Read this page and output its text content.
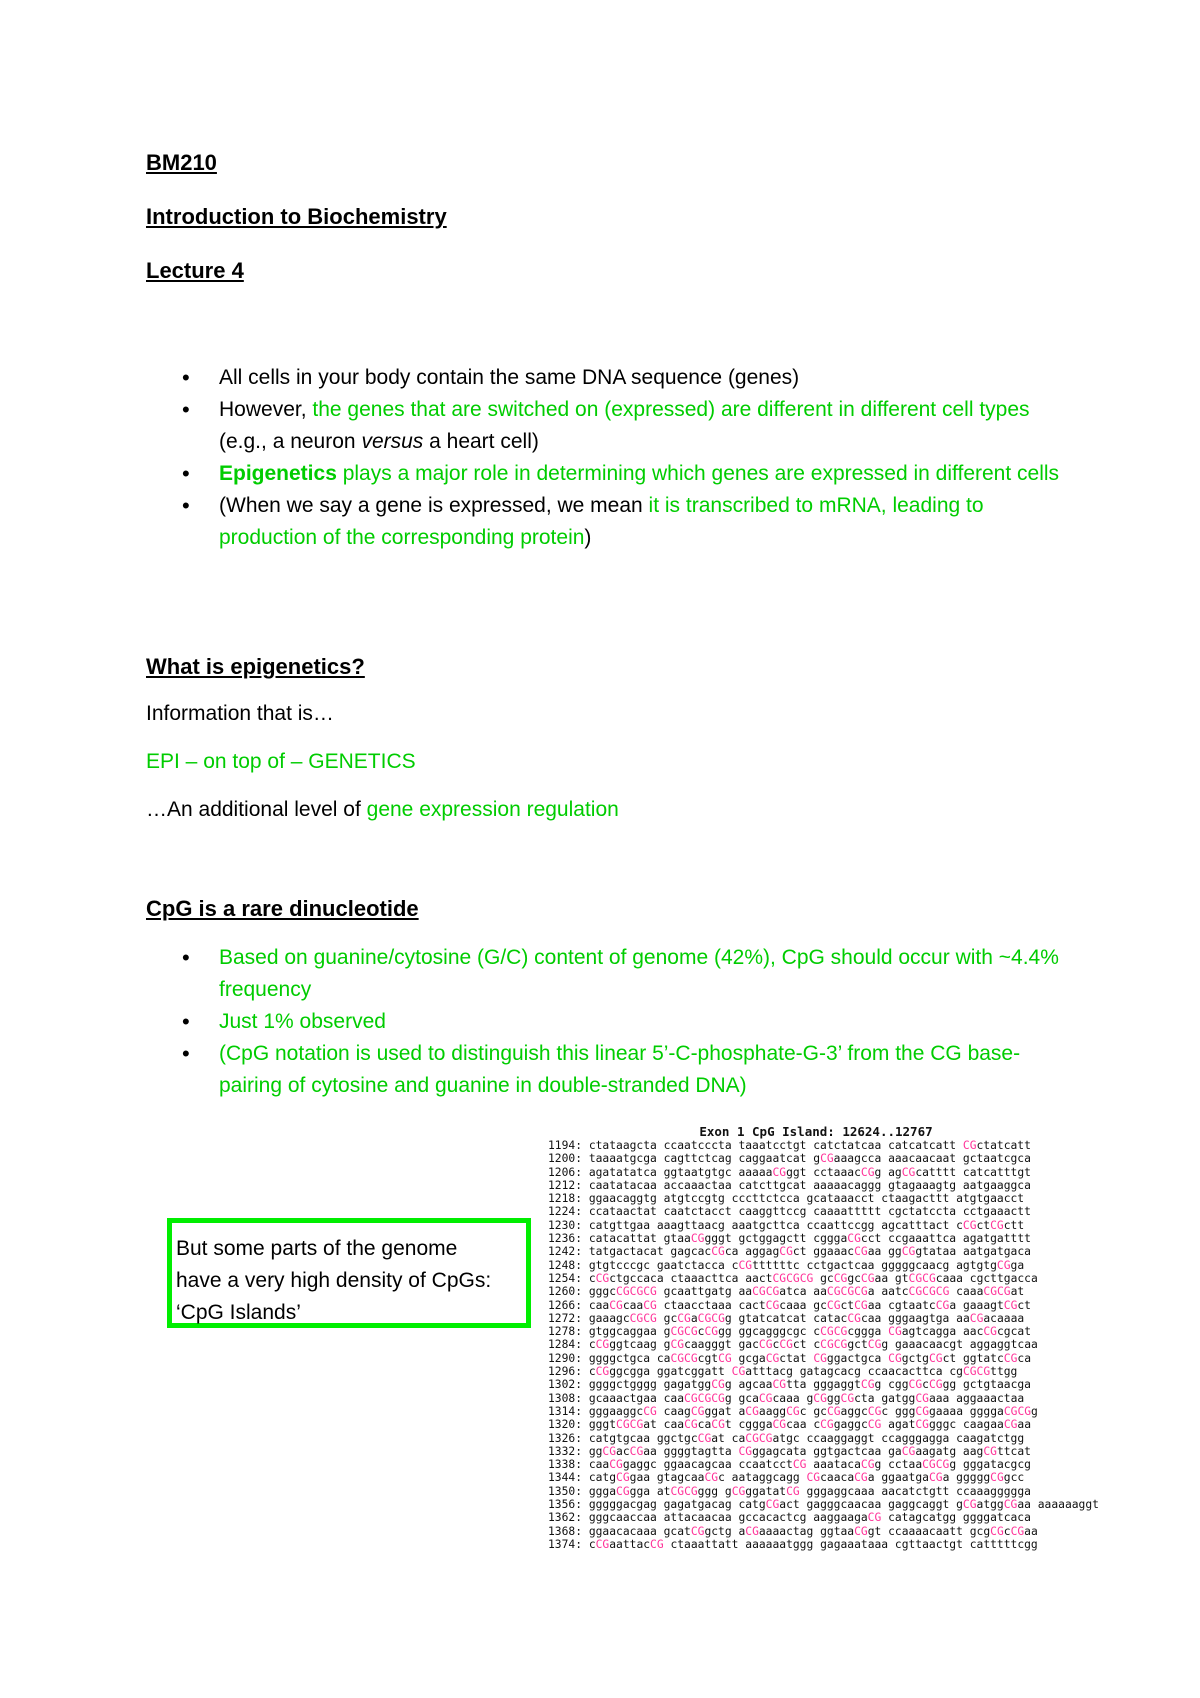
BM210

Introduction to Biochemistry

Lecture 4

• All cells in your body contain the same DNA sequence (genes)
• However, the genes that are switched on (expressed) are different in different cell types (e.g., a neuron versus a heart cell)
• Epigenetics plays a major role in determining which genes are expressed in different cells
• (When we say a gene is expressed, we mean it is transcribed to mRNA, leading to production of the corresponding protein)

What is epigenetics?

Information that is…

EPI – on top of – GENETICS

…An additional level of gene expression regulation

CpG is a rare dinucleotide

• Based on guanine/cytosine (G/C) content of genome (42%), CpG should occur with ~4.4% frequency
• Just 1% observed
• (CpG notation is used to distinguish this linear 5’-C-phosphate-G-3’ from the CG base-pairing of cytosine and guanine in double-stranded DNA)
But some parts of the genome
have a very high density of CpGs:
‘CpG Islands’
Exon 1 CpG Island: 12624..12767
1194: ctataagcta ccaatcccta taaatcctgt catctatcaa catcatcatt CGctatcatt
1200: taaaatgcga cagttctcag caggaatcat gCGaaagcca aaacaacaat gctaatcgca
1206: agatatatca ggtaatgtgc aaaaaCGggt cctaaacCGg agCGcatttt catcatttgt
1212: caatatacaa accaaactaa catcttgcat aaaaacaggg gtagaaagtg aatgaaggca
1218: ggaacaggtg atgtccgtg cccttctcca gcataaacct ctaagacttt atgtgaacct
1224: ccataactat caatctacct caaggttccg caaaattttt cgctatccta cctgaaactt
1230: catgttgaa aaagttaacg aaatgcttca ccaattccgg agcatttact cCGctCGctt
1236: catacattat gtaaCGgggt gctggagctt cgggaCGcct ccgaaattca agatgatttt
1242: tatgactacat gagcacCGca aggagCGct ggaaacCGaa ggCGgtataa aatgatgaca
1248: gtgtcccgc gaatctacca cCGttttttc cctgactcaa gggggcaacg agtgtgCGga
1254: cCGctgccaca ctaaacttca aactCGCGCG gcCGgcCGaa gtCGCGcaaa cgcttgacca
1260: gggcCGCGCG gcaattgatg aaCGCGatca aaCGCGCGa aatcCGCGCG caaaCGCGat
1266: caaCGcaaCG ctaacctaaa cactCGcaaa gcCGctCGaa cgtaatcCGa gaaagtCGct
1272: gaaagcCGCG gcCGaCGCGg gtatcatcat catacCGcaa gggaagtga aaCGacaaaa
1278: gtggcaggaa gCGCGcCGgg ggcagggcgc cCGCGcggga CGagtcagga aacCGcgcat
1284: cCGggtcaag gCGcaagggt gacCGcCGct cCGCGgctCGg gaaacaacgt aggaggtcaa
1290: ggggctgca caCGCGcgtCG gcgaCGctat CGggactgca CGgctgCGct ggtatcCGca
1296: cCGggcgga ggatcggatt CGatttacg gatagcacg ccaacacttca cgCGCGttgg
1302: ggggctgggg gagatggCGg agcaaCGtta gggaggtCGg cggCGcCGgg gctgtaacga
1308: gcaaactgaa caaCGCGCGg gcaCGcaaa gCGggCGcta gatggCGaaa aggaaactaa
1314: gggaaggcCG caagCGggat aCGaaggCGc gcCGaggcCGc gggCGgaaaa ggggaCGCGg
1320: gggtCGCGat caaCGcaCGt cgggaCGcaa cCGgaggcCG agatCGgggc caagaaCGaa
1326: catgtgcaa ggctgcCGat caCGCGatgc ccaaggaggt ccagggagga caagatctgg
1332: ggCGacCGaa ggggtagtta CGggagcata ggtgactcaa gaCGaagatg aagCGttcat
1338: caaCGgaggc ggaacagcaa ccaatcctCG aaatacaCGg cctaaCGCGg gggatacgcg
1344: catgCGgaa gtagcaaCGc aataggcagg CGcaacaCGa ggaatgaCGa gggggCGgcc
1350: gggaCGgga atCGCGggg gCGggatatCG gggaggcaaa aacatctgtt ccaaaggggga
1356: gggggacgag gagatgacag catgCGact gagggcaacaa gaggcaggt gCGatggCGaa aaaaaaggt
1362: gggcaaccaa attacaacaa gccacactcg aaggaagaCG catagcatgg ggggatcaca
1368: ggaacacaaa gcatCGgctg aCGaaaactag ggtaaCGgt ccaaaacaatt gcgCGcCGaa
1374: cCGaattacCG ctaaattatt aaaaaatggg gagaaataaa cgttaactgt catttttcgg
